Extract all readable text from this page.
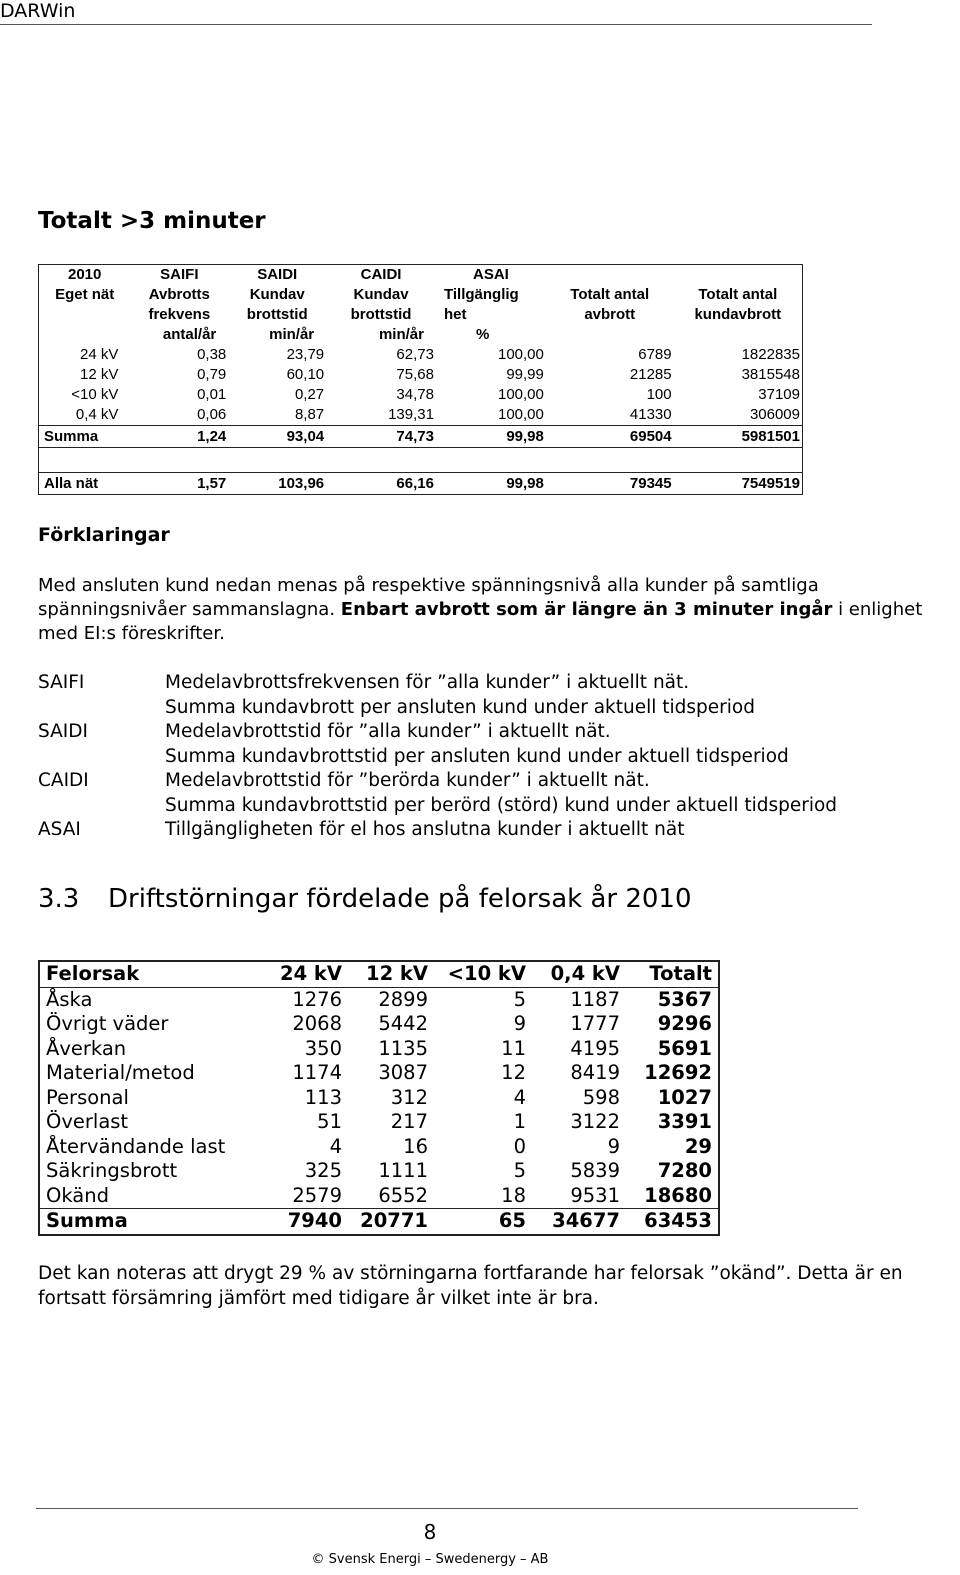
DARWin
Totalt >3 minuter
2010	SAIFI	SAIDI	CAIDI	ASAI		
Eget nät	Avbrotts	Kundav	Kundav	Tillgänglig	Totalt antal	Totalt antal
	frekvens	brottstid	brottstid	het	avbrott	kundavbrott
	antal/år	min/år	min/år	%		
24 kV	0,38	23,79	62,73	100,00	6789	1822835
12 kV	0,79	60,10	75,68	99,99	21285	3815548
<10 kV	0,01	0,27	34,78	100,00	100	37109
0,4 kV	0,06	8,87	139,31	100,00	41330	306009
Summa	1,24	93,04	74,73	99,98	69504	5981501

Alla nät	1,57	103,96	66,16	99,98	79345	7549519
Förklaringar
Med ansluten kund nedan menas på respektive spänningsnivå alla kunder på samtliga spänningsnivåer sammanslagna. Enbart avbrott som är längre än 3 minuter ingår i enlighet med EI:s föreskrifter.
SAIFI	Medelavbrottsfrekvensen för ”alla kunder” i aktuellt nät.
Summa kundavbrott per ansluten kund under aktuell tidsperiod
SAIDI	Medelavbrottstid för ”alla kunder” i aktuellt nät.
Summa kundavbrottstid per ansluten kund under aktuell tidsperiod
CAIDI	Medelavbrottstid för ”berörda kunder” i aktuellt nät.
Summa kundavbrottstid per berörd (störd) kund under aktuell tidsperiod
ASAI	Tillgängligheten för el hos anslutna kunder i aktuellt nät
3.3 Driftstörningar fördelade på felorsak år 2010
Felorsak	24 kV	12 kV	<10 kV	0,4 kV	Totalt
Åska	1276	2899	5	1187	5367
Övrigt väder	2068	5442	9	1777	9296
Åverkan	350	1135	11	4195	5691
Material/metod	1174	3087	12	8419	12692
Personal	113	312	4	598	1027
Överlast	51	217	1	3122	3391
Återvändande last	4	16	0	9	29
Säkringsbrott	325	1111	5	5839	7280
Okänd	2579	6552	18	9531	18680
Summa	7940	20771	65	34677	63453
Det kan noteras att drygt 29 % av störningarna fortfarande har felorsak ”okänd”. Detta är en fortsatt försämring jämfört med tidigare år vilket inte är bra.
8
© Svensk Energi – Swedenergy – AB
